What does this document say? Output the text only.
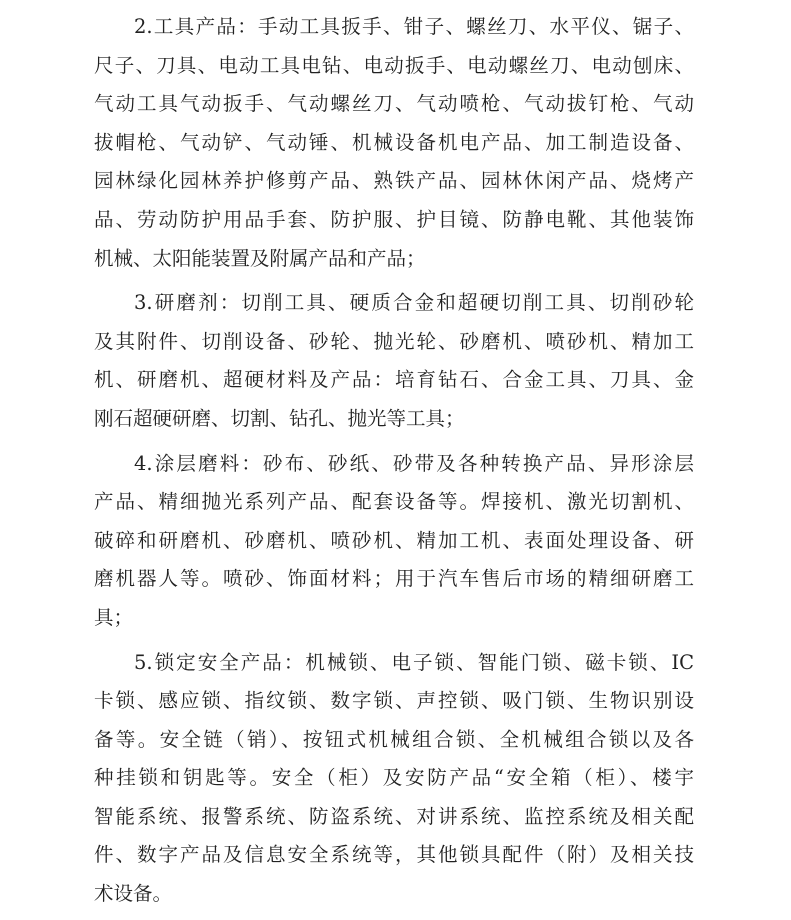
2.工具产品：手动工具扳手、钳子、螺丝刀、水平仪、锯子、
尺子、刀具、电动工具电钻、电动扳手、电动螺丝刀、电动刨床、
气动工具气动扳手、气动螺丝刀、气动喷枪、气动拔钉枪、气动
拔帽枪、气动铲、气动锤、机械设备机电产品、加工制造设备、
园林绿化园林养护修剪产品、熟铁产品、园林休闲产品、烧烤产
品、劳动防护用品手套、防护服、护目镜、防静电靴、其他装饰
机械、太阳能装置及附属产品和产品；
3.研磨剂：切削工具、硬质合金和超硬切削工具、切削砂轮
及其附件、切削设备、砂轮、抛光轮、砂磨机、喷砂机、精加工
机、研磨机、超硬材料及产品：培育钻石、合金工具、刀具、金
刚石超硬研磨、切割、钻孔、抛光等工具；
4.涂层磨料：砂布、砂纸、砂带及各种转换产品、异形涂层
产品、精细抛光系列产品、配套设备等。焊接机、激光切割机、
破碎和研磨机、砂磨机、喷砂机、精加工机、表面处理设备、研
磨机器人等。喷砂、饰面材料；用于汽车售后市场的精细研磨工
具；
5.锁定安全产品：机械锁、电子锁、智能门锁、磁卡锁、IC
卡锁、感应锁、指纹锁、数字锁、声控锁、吸门锁、生物识别设
备等。安全链（销）、按钮式机械组合锁、全机械组合锁以及各
种挂锁和钥匙等。安全（柜）及安防产品“安全箱（柜）、楼宇
智能系统、报警系统、防盗系统、对讲系统、监控系统及相关配
件、数字产品及信息安全系统等，其他锁具配件（附）及相关技
术设备。
